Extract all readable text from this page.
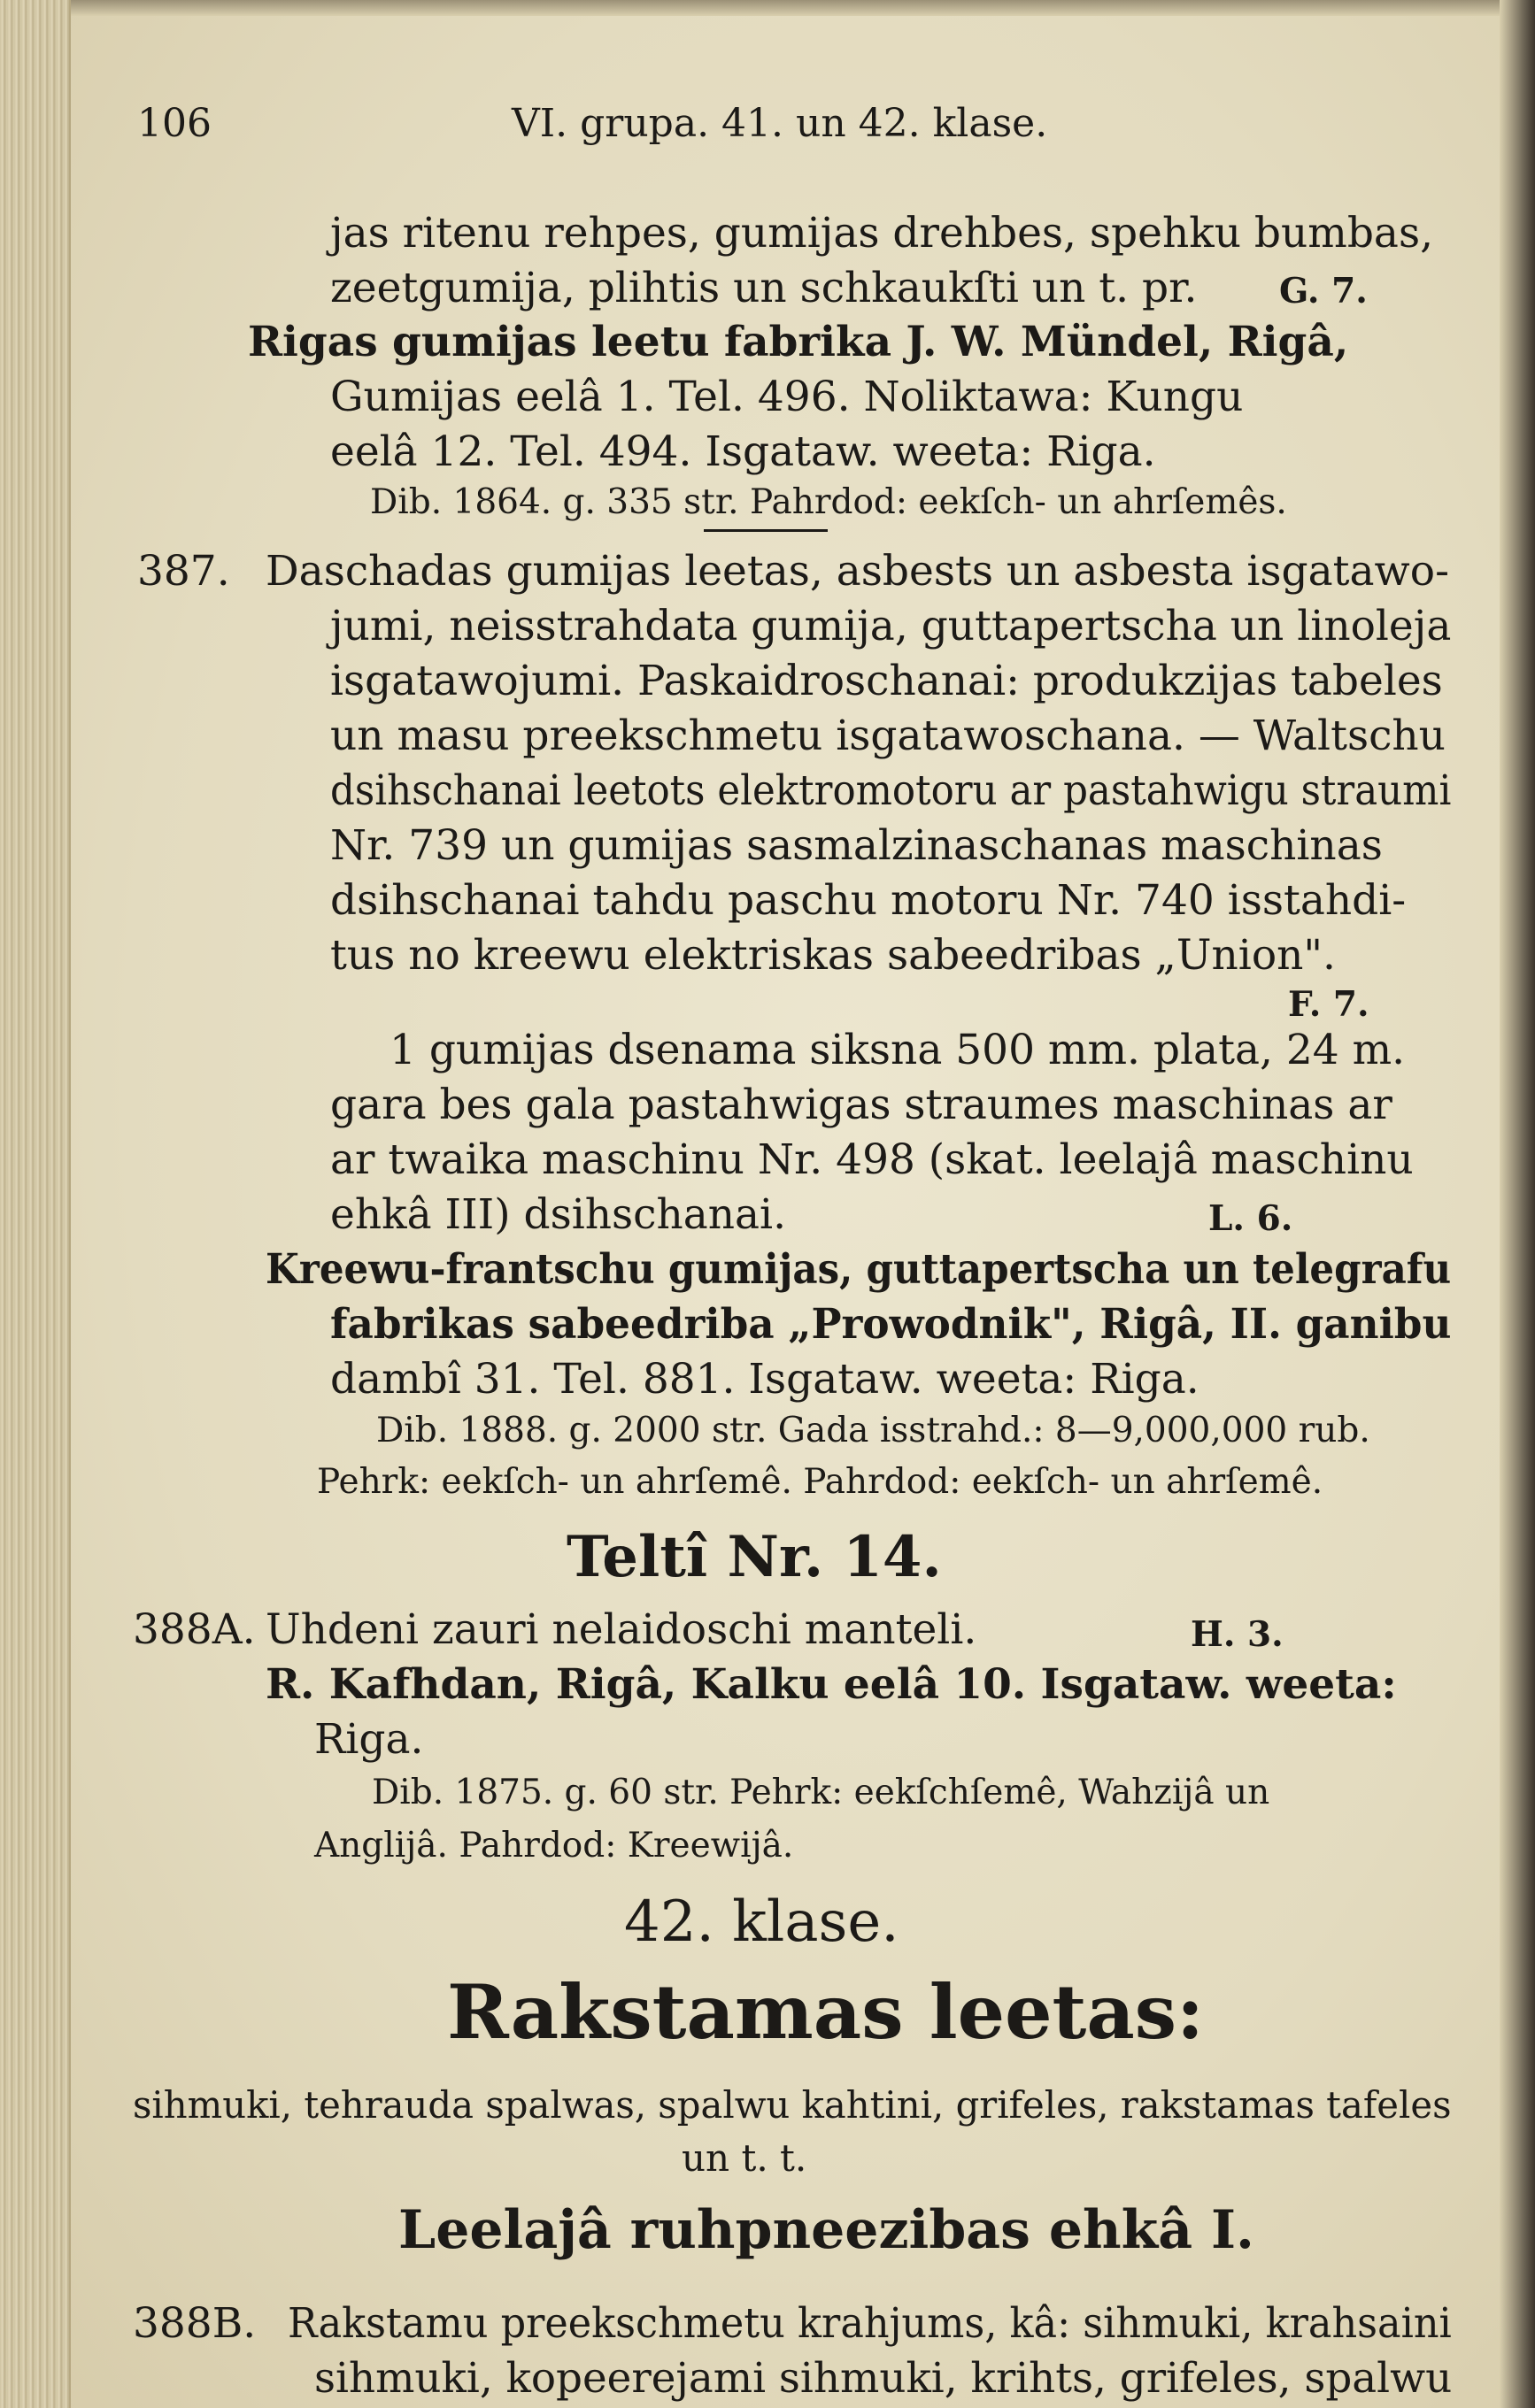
106	VI. grupa. 41. un 42. klase.
jas ritenu rehpes, gumijas drehbes, spehku bumbas,
zeetgumija, plihtis un schkaukſti un t. pr. G. 7.
Rigas gumijas leetu fabrika J. W. Mündel, Rigâ,
Gumijas eelâ 1. Tel. 496. Noliktawa: Kungu
eelâ 12. Tel. 494. Isgataw. weeta: Riga.
Dib. 1864. g. 335 str. Pahrdod: eekſch- un ahrſemês.
387. Daschadas gumijas leetas, asbests un asbesta isgatawo-
jumi, neisstrahdata gumija, guttapertscha un linoleja
isgatawojumi. Paskaidroschanai: produkzijas tabeles
un masu preekschmetu isgatawoschana. — Waltschu
dsihschanai leetots elektromotoru ar pastahwigu straumi
Nr. 739 un gumijas sasmalzinaschanas maschinas
dsihschanai tahdu paschu motoru Nr. 740 isstahdi-
tus no kreewu elektriskas sabeedribas „Union".
F. 7.
1 gumijas dsenama siksna 500 mm. plata, 24 m.
gara bes gala pastahwigas straumes maschinas ar
ar twaika maschinu Nr. 498 (skat. leelajâ maschinu
ehkâ III) dsihschanai.	L. 6.
Kreewu-frantschu gumijas, guttapertscha un telegrafu
fabrikas sabeedriba „Prowodnik", Rigâ, II. ganibu
dambî 31. Tel. 881. Isgataw. weeta: Riga.
Dib. 1888. g. 2000 str. Gada isstrahd.: 8—9,000,000 rub.
Pehrk: eekſch- un ahrſemê. Pahrdod: eekſch- un ahrſemê.
Teltî Nr. 14.
388A. Uhdeni zauri nelaidoschi manteli.	H. 3.
R. Kafhdan, Rigâ, Kalku eelâ 10. Isgataw. weeta:
Riga.
Dib. 1875. g. 60 str. Pehrk: eekſchſemê, Wahzijâ un
Anglijâ. Pahrdod: Kreewijâ.
42. klase.
Rakstamas leetas:
sihmuki, tehrauda spalwas, spalwu kahtini, grifeles, rakstamas tafeles
un t. t.
Leelajâ ruhpneezibas ehkâ I.
388B. Rakstamu preekschmetu krahjums, kâ: sihmuki, krahsaini
sihmuki, kopeerejami sihmuki, krihts, grifeles, spalwu
